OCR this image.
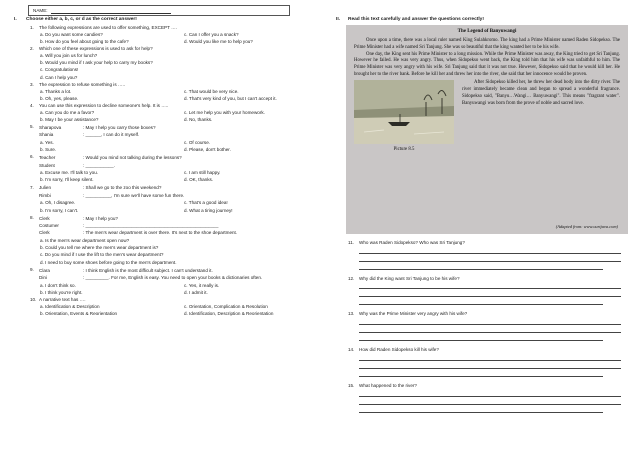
NAME:
I.	Choose either a, b, c, or d as the correct answer!
1.	The following expressions are used to offer something, EXCEPT ….
a. Do you want some candies?	c. Can I offer you a snack?
b. How do you feel about going to the cafe?	d. Would you like me to help you?
2.	Which one of these expressions is used to ask for help?
a. Will you join us for lunch?
b. Would you mind if I ask your help to carry my books?
c. Congratulations!
d. Can I help you?
3.	The expression to refuse something is …..
a. Thanks a lot.	c. That would be very nice.
b. Oh, yes, please.	d. That's very kind of you, but I can't accept it.
4.	You can use this expression to decline someone's help. It is …..
a. Can you do me a favor?	c. Let me help you with your homework.
b. May I be your assistance?	d. No, thanks.
5.	Sharapova	: May I help you carry those boxes?
Shania	: ______, I can do it myself.
a. Yes.	c. Of course.
b. Sure.	d. Please, don't bother.
6.	Teacher	: Would you mind not talking during the lessons?
Student	: ___________.
a. Excuse me. I'll talk to you.	c. I am still happy.
b. I'm sorry, I'll keep silent.	d. OK, thanks.
7.	Julien	: Shall we go to the zoo this weekend?
Rimbi	: __________, I'm sure we'll have some fun there.
a. Oh, I disagree.	c. That's a good idea!
b. I'm sorry, I can't.	d. What a tiring journey!
8.	Clerk	: May I help you?
Costumer	: ____________________________________________________
Clerk	: The men's wear department is over there. It's next to the shoe department.
a. Is the men's wear department open now?
b. Could you tell me where the men's wear department is?
c. Do you mind if I use the lift to the men's wear department?
d. I need to buy some shoes before going to the men's department.
9.	Clara	: I think English is the most difficult subject. I can't understand it.
Dini	: _________. For me, English is easy. You need to open your books & dictionaries often.
a. I don't think so.	c. Yes, it really is.
b. I think you're right.	d. I admit it.
10. A narrative text has ….
a. Identification & Description	c. Orientation, Complication & Resolution
b. Orientation, Events & Reorientation	d. Identification, Description & Reorientation
II.	Read this text carefully and answer the questions correctly!
The Legend of Banyuwangi

Once upon a time, there was a local ruler named King Sulahkromo. The king had a Prime Minister named Raden Sidopekso. The Prime Minister had a wife named Sri Tanjung. She was so beautiful that the king wanted her to be his wife.

One day, the King sent his Prime Minister to a long mission. While the Prime Minister was away, the King tried to get Sri Tanjung. However he failed. He was very angry. Thus, when Sidopekso went back, the King told him that his wife was unfaithful to him. The Prime Minister was very angry with his wife. Sri Tanjung said that it was not true. However, Sidopekso said that he would kill her. He brought her to the river bank. Before he kill her and threw her into the river, she said that her innocence would be proven.

Picture 8.5

After Sidopekso killed her, he threw her dead body into the dirty river. The river immediately became clean and began to spread a wonderful fragrance. Sidopekso said, "Banyu…Wangi… Banyuwangi". This means "fragrant water". Banyuwangi was born from the prove of noble and sacred love.

(Adapted from: www.ourtjava.com)
11.	Who was Raden Sidopekso? Who was Sri Tanjung?
12.	Why did the King want Sri Tanjung to be his wife?
13.	Why was the Prime Minister very angry with his wife?
14.	How did Raden Sidopekso kill his wife?
15.	What happened to the river?
